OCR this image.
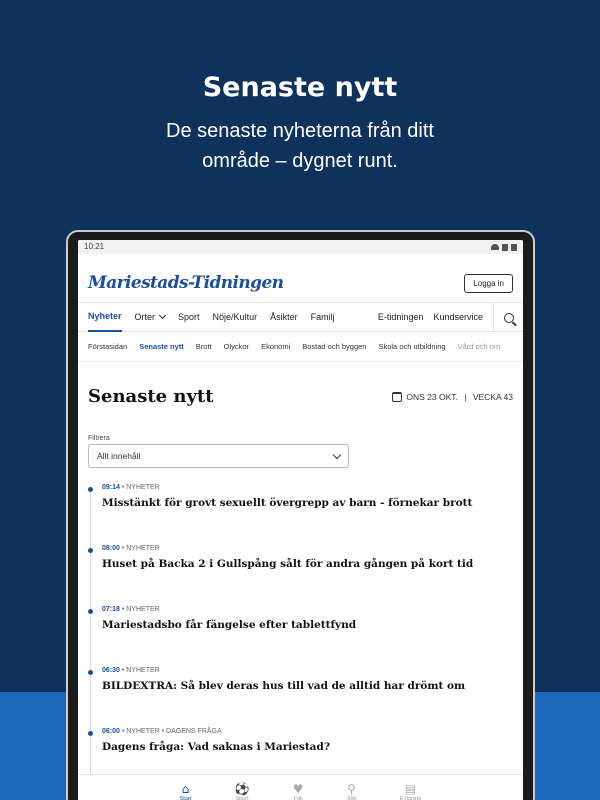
Senaste nytt
De senaste nyheterna från ditt
område – dygnet runt.
10:21
Mariestads-Tidningen	Logga in
Nyheter Orter	Sport Nöje/Kultur Åsikter Familj	E-tidningen Kundservice
Förstasidan Senaste nytt Brott Olyckor Ekonomi Bostad och byggen Skola och utbildning Vård och om
Senaste nytt	ONS 23 OKT. | VECKA 43
Filtrera
Allt innehåll
09:14 • NYHETER
Misstänkt för grovt sexuellt övergrepp av barn - förnekar brott
08:00 • NYHETER
Huset på Backa 2 i Gullspång sålt för andra gången på kort tid
07:18 • NYHETER
Mariestadsbo får fängelse efter tablettfynd
06:30 • NYHETER
BILDEXTRA: Så blev deras hus till vad de alltid har drömt om
06:00 • NYHETER • DAGENS FRÅGA
Dagens fråga: Vad saknas i Mariestad?
⌂
Start
⚽
Sport
♥
Följ
⚲
Sök
▤
E-tidning
